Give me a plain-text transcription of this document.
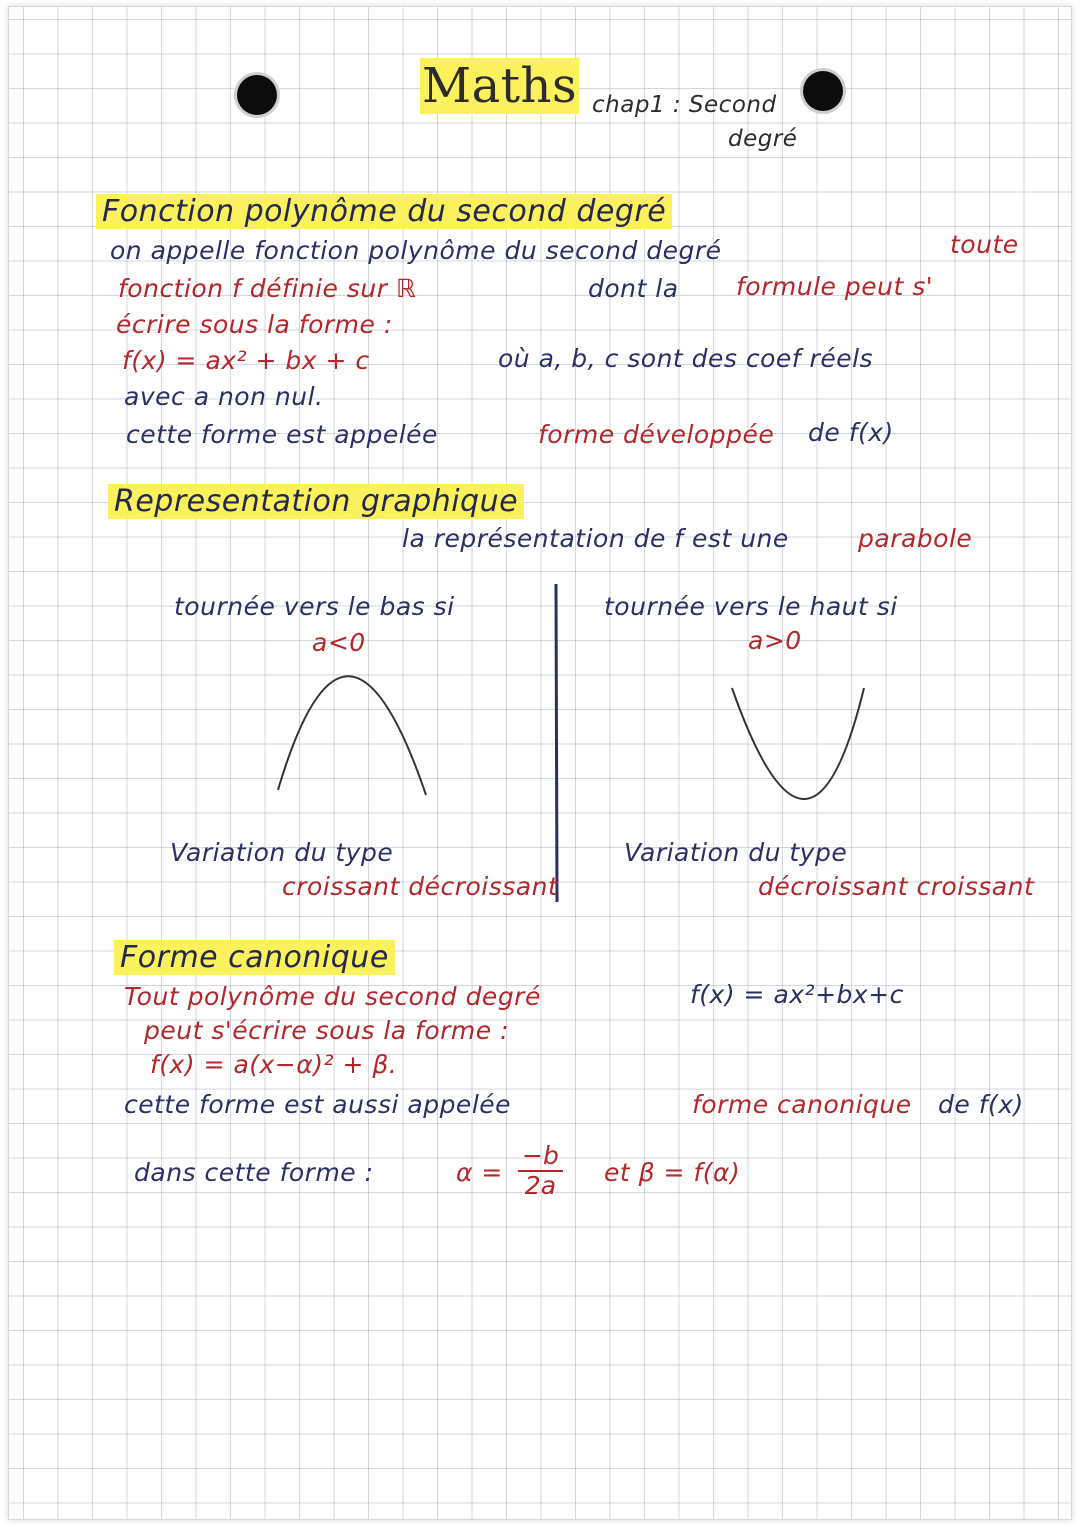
Maths chap1 : Second
degré
Fonction polynôme du second degré
on appelle fonction polynôme du second degré	toute
fonction f définie sur ℝ	dont la formule peut s'
écrire sous la forme :
f(x) = ax² + bx + c	où a, b, c sont des coef réels
avec a non nul.
cette forme est appelée	forme développée de f(x)
Representation graphique
la représentation de f est une	parabole
tournée vers le bas si
a<0
tournée vers le haut si
a>0
Variation du type
croissant décroissant
Variation du type
décroissant croissant
Forme canonique
Tout polynôme du second degré	f(x) = ax²+bx+c
peut s'écrire sous la forme :
f(x) = a(x−α)² + β.
cette forme est aussi appelée	forme canonique de f(x)
dans cette forme :	$\alpha = \frac{-b}{2a}$ et β = f(α)
